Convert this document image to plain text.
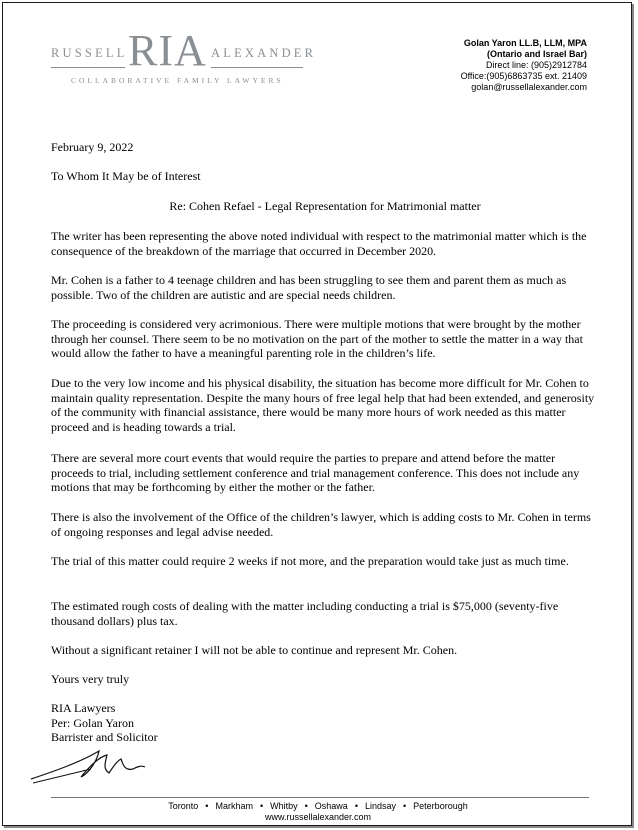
RUSSELL RIA ALEXANDER
COLLABORATIVE FAMILY LAWYERS
Golan Yaron LL.B, LLM, MPA
(Ontario and Israel Bar)
Direct line: (905)2912784
Office:(905)6863735 ext. 21409
golan@russellalexander.com

February 9, 2022

To Whom It May be of Interest

Re: Cohen Refael - Legal Representation for Matrimonial matter

The writer has been representing the above noted individual with respect to the matrimonial matter which is the consequence of the breakdown of the marriage that occurred in December 2020.

Mr. Cohen is a father to 4 teenage children and has been struggling to see them and parent them as much as possible. Two of the children are autistic and are special needs children.

The proceeding is considered very acrimonious. There were multiple motions that were brought by the mother through her counsel. There seem to be no motivation on the part of the mother to settle the matter in a way that would allow the father to have a meaningful parenting role in the children’s life.

Due to the very low income and his physical disability, the situation has become more difficult for Mr. Cohen to maintain quality representation. Despite the many hours of free legal help that had been extended, and generosity of the community with financial assistance, there would be many more hours of work needed as this matter proceed and is heading towards a trial.

There are several more court events that would require the parties to prepare and attend before the matter proceeds to trial, including settlement conference and trial management conference. This does not include any motions that may be forthcoming by either the mother or the father.

There is also the involvement of the Office of the children’s lawyer, which is adding costs to Mr. Cohen in terms of ongoing responses and legal advise needed.

The trial of this matter could require 2 weeks if not more, and the preparation would take just as much time.

The estimated rough costs of dealing with the matter including conducting a trial is $75,000 (seventy-five thousand dollars) plus tax.

Without a significant retainer I will not be able to continue and represent Mr. Cohen.

Yours very truly

RIA Lawyers
Per: Golan Yaron
Barrister and Solicitor
Toronto • Markham • Whitby • Oshawa • Lindsay • Peterborough
www.russellalexander.com
